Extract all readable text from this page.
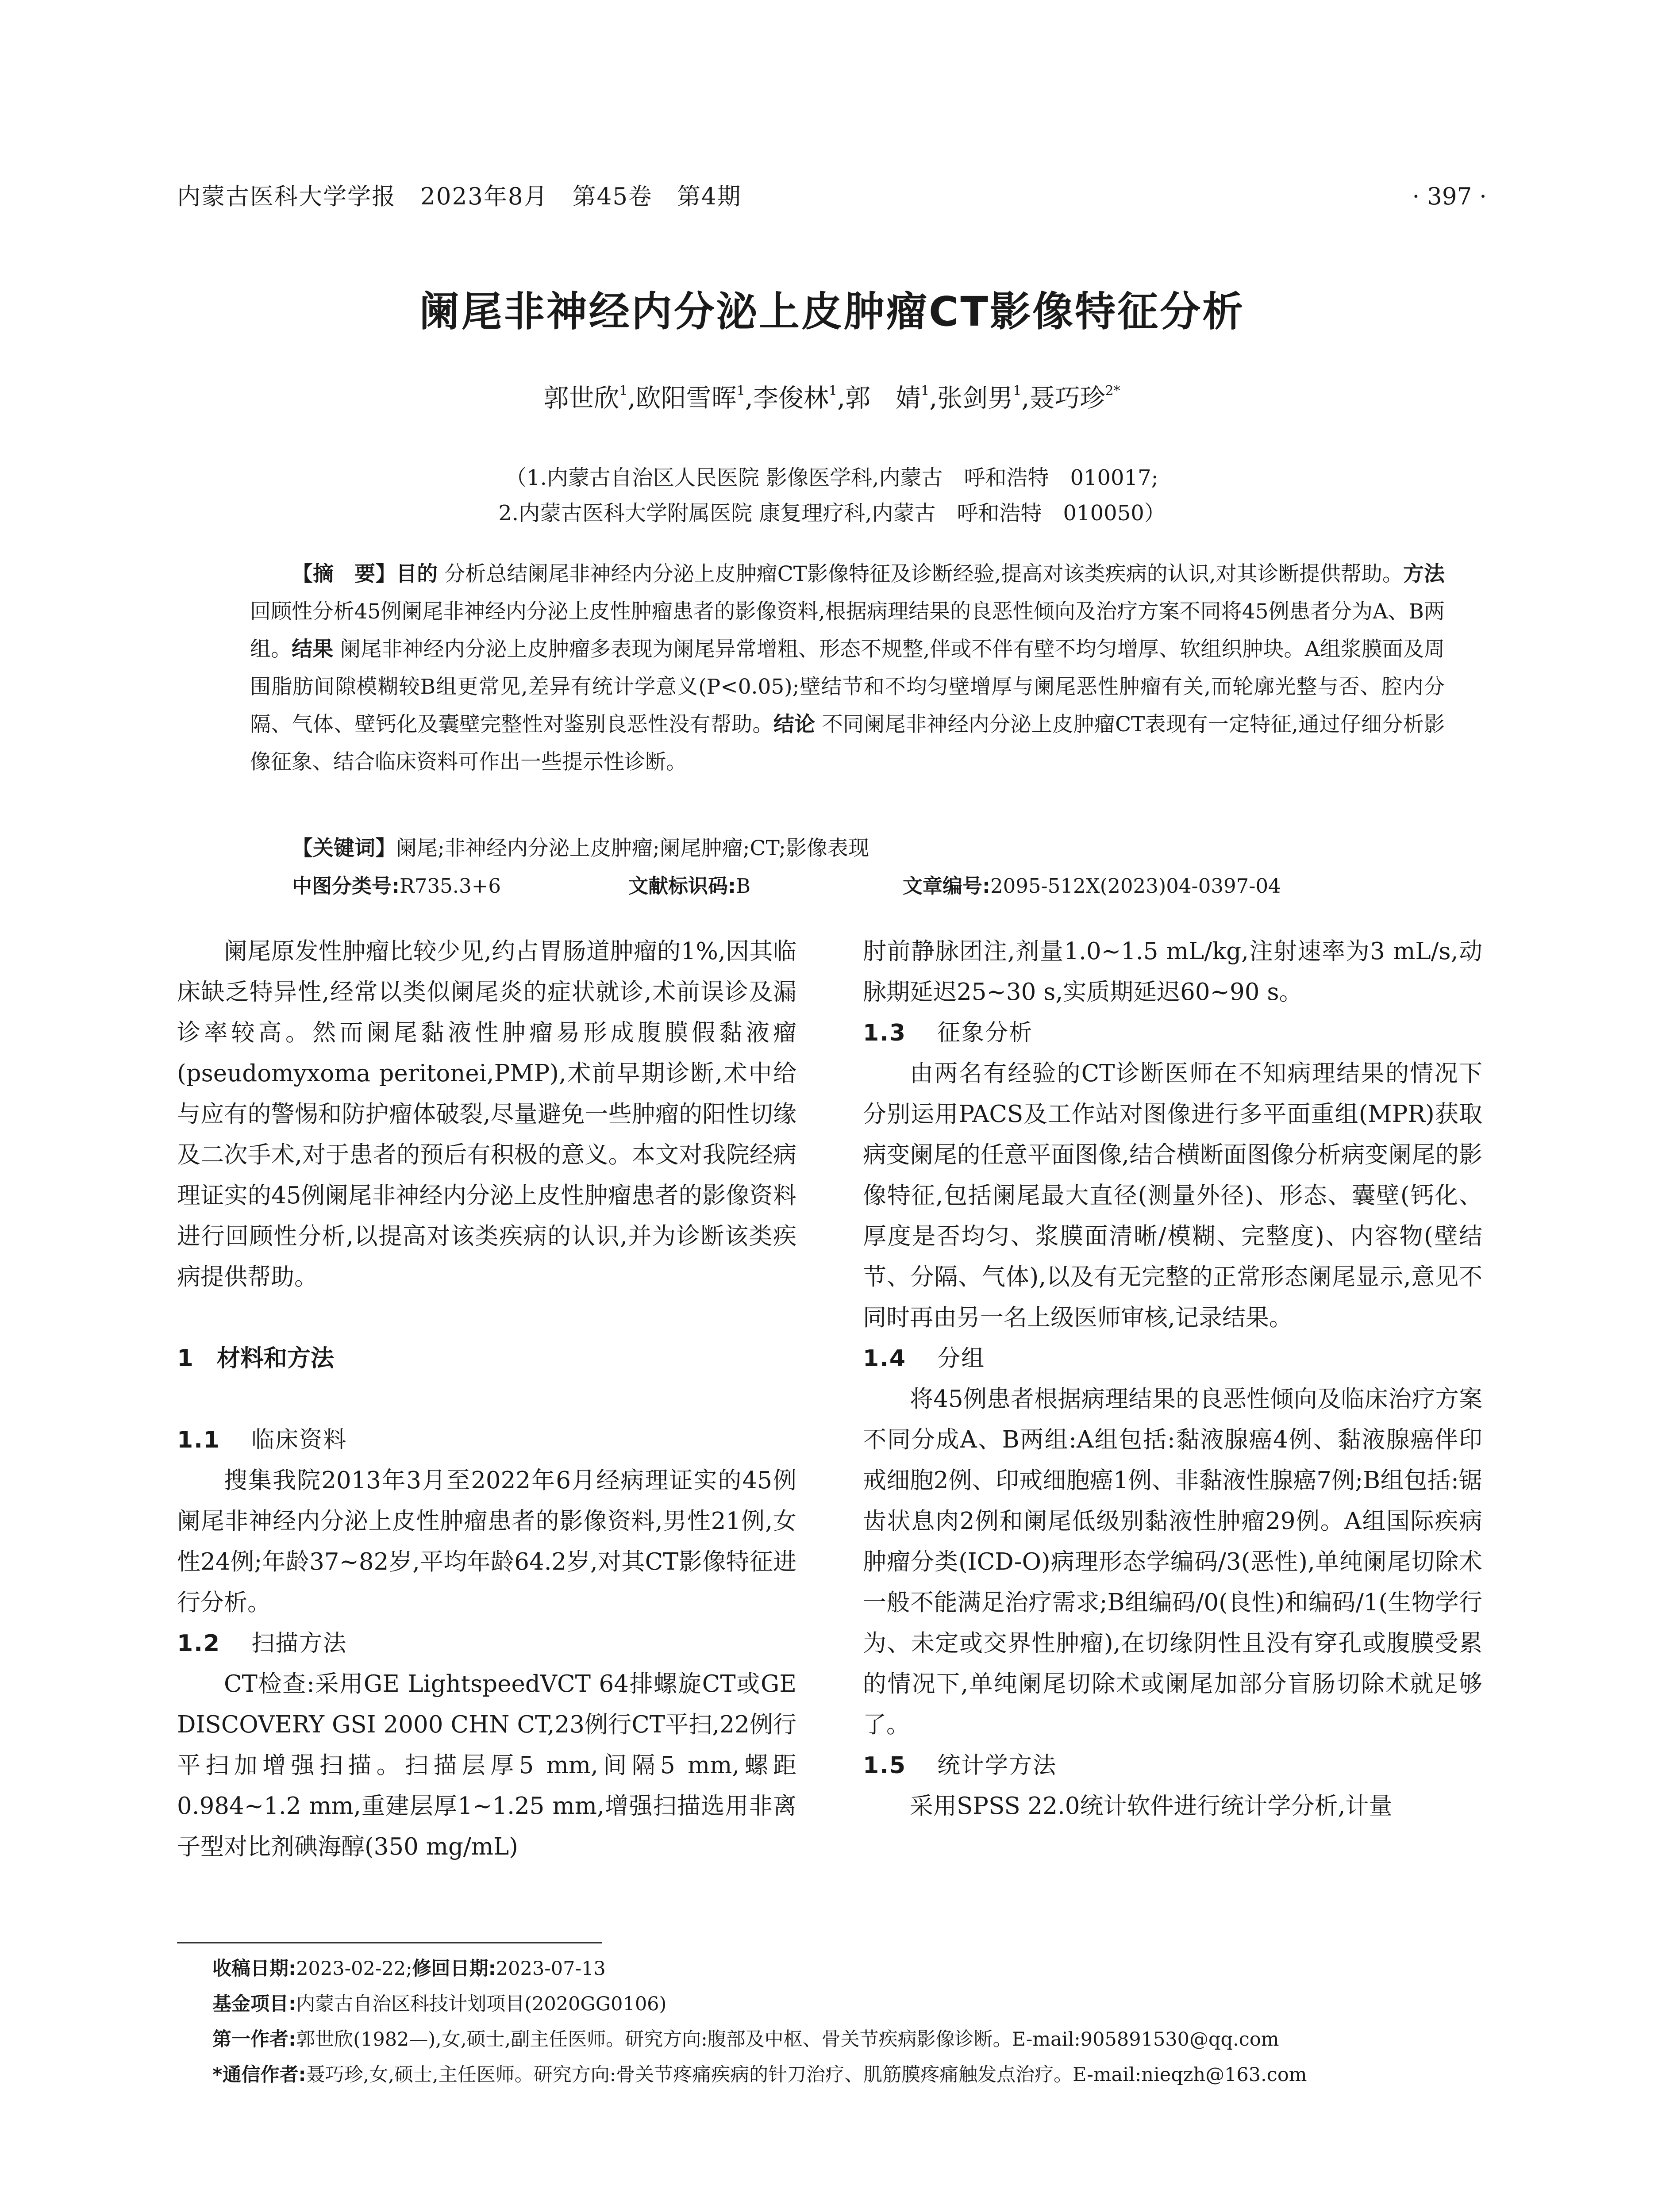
内蒙古医科大学学报　2023年8月　第45卷　第4期	· 397 ·
阑尾非神经内分泌上皮肿瘤CT影像特征分析
郭世欣$^1$,欧阳雪晖$^1$,李俊林$^1$,郭　婧$^1$,张剑男$^1$,聂巧珍$^{2*}$
（1.内蒙古自治区人民医院 影像医学科,内蒙古　呼和浩特　010017;
2.内蒙古医科大学附属医院 康复理疗科,内蒙古　呼和浩特　010050）

【摘　要】目的 分析总结阑尾非神经内分泌上皮肿瘤CT影像特征及诊断经验,提高对该类疾病的认识,对其诊断提供帮助。方法 回顾性分析45例阑尾非神经内分泌上皮性肿瘤患者的影像资料,根据病理结果的良恶性倾向及治疗方案不同将45例患者分为A、B两组。结果 阑尾非神经内分泌上皮肿瘤多表现为阑尾异常增粗、形态不规整,伴或不伴有壁不均匀增厚、软组织肿块。A组浆膜面及周围脂肪间隙模糊较B组更常见,差异有统计学意义(P<0.05);壁结节和不均匀壁增厚与阑尾恶性肿瘤有关,而轮廓光整与否、腔内分隔、气体、壁钙化及囊壁完整性对鉴别良恶性没有帮助。结论 不同阑尾非神经内分泌上皮肿瘤CT表现有一定特征,通过仔细分析影像征象、结合临床资料可作出一些提示性诊断。

【关键词】阑尾;非神经内分泌上皮肿瘤;阑尾肿瘤;CT;影像表现
中图分类号:R735.3+6	文献标识码:B	文章编号:2095-512X(2023)04-0397-04

阑尾原发性肿瘤比较少见,约占胃肠道肿瘤的1%,因其临床缺乏特异性,经常以类似阑尾炎的症状就诊,术前误诊及漏诊率较高。然而阑尾黏液性肿瘤易形成腹膜假黏液瘤(pseudomyxoma peritonei,PMP),术前早期诊断,术中给与应有的警惕和防护瘤体破裂,尽量避免一些肿瘤的阳性切缘及二次手术,对于患者的预后有积极的意义。本文对我院经病理证实的45例阑尾非神经内分泌上皮性肿瘤患者的影像资料进行回顾性分析,以提高对该类疾病的认识,并为诊断该类疾病提供帮助。

1　材料和方法

1.1 临床资料

搜集我院2013年3月至2022年6月经病理证实的45例阑尾非神经内分泌上皮性肿瘤患者的影像资料,男性21例,女性24例;年龄37~82岁,平均年龄64.2岁,对其CT影像特征进行分析。

1.2 扫描方法

CT检查:采用GE LightspeedVCT 64排螺旋CT或GE DISCOVERY GSI 2000 CHN CT,23例行CT平扫,22例行平扫加增强扫描。扫描层厚5 mm,间隔5 mm,螺距0.984~1.2 mm,重建层厚1~1.25 mm,增强扫描选用非离子型对比剂碘海醇(350 mg/mL)

肘前静脉团注,剂量1.0~1.5 mL/kg,注射速率为3 mL/s,动脉期延迟25~30 s,实质期延迟60~90 s。

1.3 征象分析

由两名有经验的CT诊断医师在不知病理结果的情况下分别运用PACS及工作站对图像进行多平面重组(MPR)获取病变阑尾的任意平面图像,结合横断面图像分析病变阑尾的影像特征,包括阑尾最大直径(测量外径)、形态、囊壁(钙化、厚度是否均匀、浆膜面清晰/模糊、完整度)、内容物(壁结节、分隔、气体),以及有无完整的正常形态阑尾显示,意见不同时再由另一名上级医师审核,记录结果。

1.4 分组

将45例患者根据病理结果的良恶性倾向及临床治疗方案不同分成A、B两组:A组包括:黏液腺癌4例、黏液腺癌伴印戒细胞2例、印戒细胞癌1例、非黏液性腺癌7例;B组包括:锯齿状息肉2例和阑尾低级别黏液性肿瘤29例。A组国际疾病肿瘤分类(ICD-O)病理形态学编码/3(恶性),单纯阑尾切除术一般不能满足治疗需求;B组编码/0(良性)和编码/1(生物学行为、未定或交界性肿瘤),在切缘阴性且没有穿孔或腹膜受累的情况下,单纯阑尾切除术或阑尾加部分盲肠切除术就足够了。

1.5 统计学方法

采用SPSS 22.0统计软件进行统计学分析,计量

收稿日期:2023-02-22;修回日期:2023-07-13
基金项目:内蒙古自治区科技计划项目(2020GG0106)
第一作者:郭世欣(1982—),女,硕士,副主任医师。研究方向:腹部及中枢、骨关节疾病影像诊断。E-mail:905891530@qq.com
*通信作者:聂巧珍,女,硕士,主任医师。研究方向:骨关节疼痛疾病的针刀治疗、肌筋膜疼痛触发点治疗。E-mail:nieqzh@163.com
